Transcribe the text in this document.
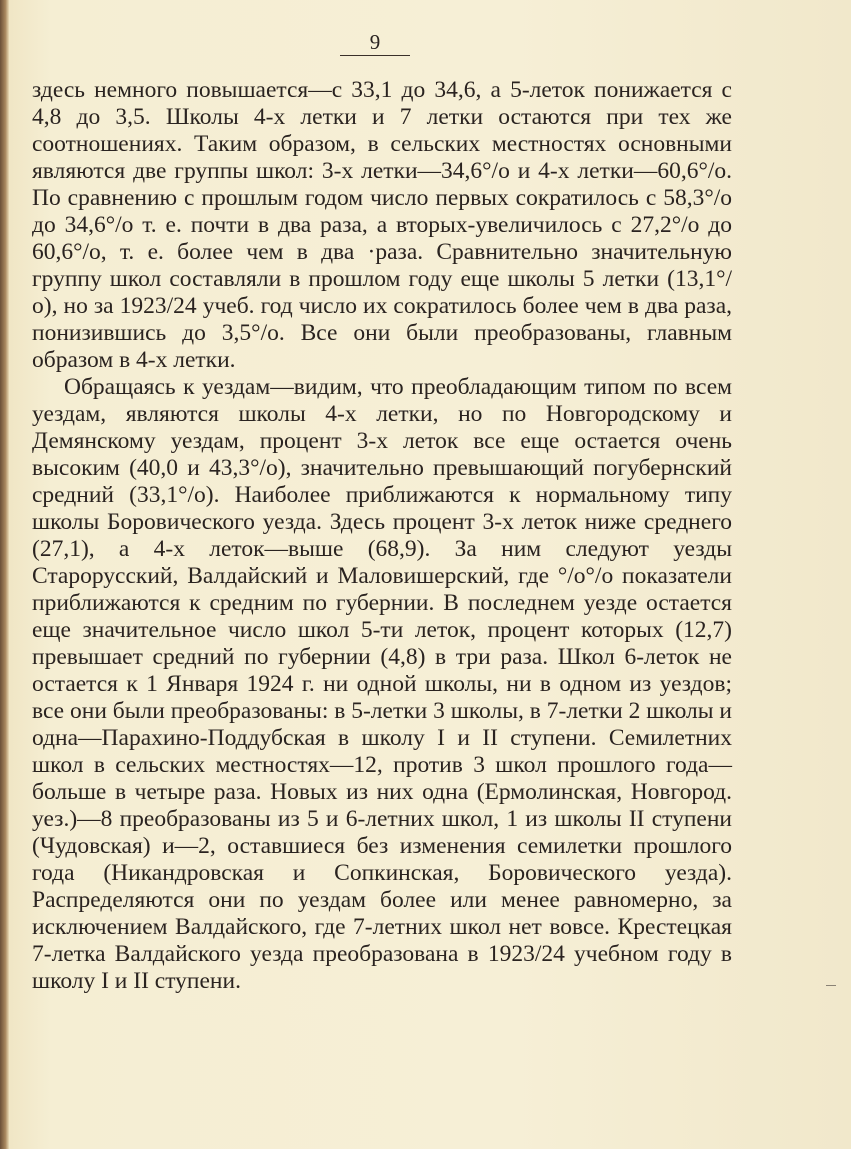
9

здесь немного повышается—с 33,1 до 34,6, а 5-леток понижается с 4,8 до 3,5. Школы 4-х летки и 7 летки остаются при тех же соотношениях. Таким образом, в сельских местностях основными являются две группы школ: 3-х летки—34,6°/о и 4-х летки—60,6°/о. По сравнению с прошлым годом число первых сократилось с 58,3°/о до 34,6°/о т. е. почти в два раза, а вторых-увеличилось с 27,2°/о до 60,6°/о, т. е. более чем в два ·раза. Сравнительно значительную группу школ составляли в прошлом году еще школы 5 летки (13,1°/о), но за 1923/24 учеб. год число их сократилось более чем в два раза, понизившись до 3,5°/о. Все они были преобразованы, главным образом в 4-х летки.

Обращаясь к уездам—видим, что преобладающим типом по всем уездам, являются школы 4-х летки, но по Новгородскому и Демянскому уездам, процент 3-х леток все еще остается очень высоким (40,0 и 43,3°/о), значительно превышающий погубернский средний (33,1°/о). Наиболее приближаются к нормальному типу школы Боровичеcкого уезда. Здесь процент 3-х леток ниже среднего (27,1), а 4-х леток—выше (68,9). За ним следуют уезды Старорусский, Валдайский и Маловишерский, где °/о°/о показатели приближаются к средним по губернии. В последнем уезде остается еще значительное число школ 5-ти леток, процент которых (12,7) превышает средний по губернии (4,8) в три раза. Школ 6-леток не остается к 1 Января 1924 г. ни одной школы, ни в одном из уездов; все они были преобразованы: в 5-летки 3 школы, в 7-летки 2 школы и одна—Парахино-Поддубская в школу I и II ступени. Семилетних школ в сельских местностях—12, против 3 школ прошлого года—больше в четыре раза. Новых из них одна (Ермолинская, Новгород. уез.)—8 преобразованы из 5 и 6-летних школ, 1 из школы II ступени (Чудовская) и—2, оставшиеся без изменения семилетки прошлого года (Никандровская и Сопкинская, Боровичеcкого уезда). Распределяются они по уездам более или менее равномерно, за исключением Валдайского, где 7-летних школ нет вовсе. Крестецкая 7-летка Валдайского уезда преобразована в 1923/24 учебном году в школу I и II ступени.
